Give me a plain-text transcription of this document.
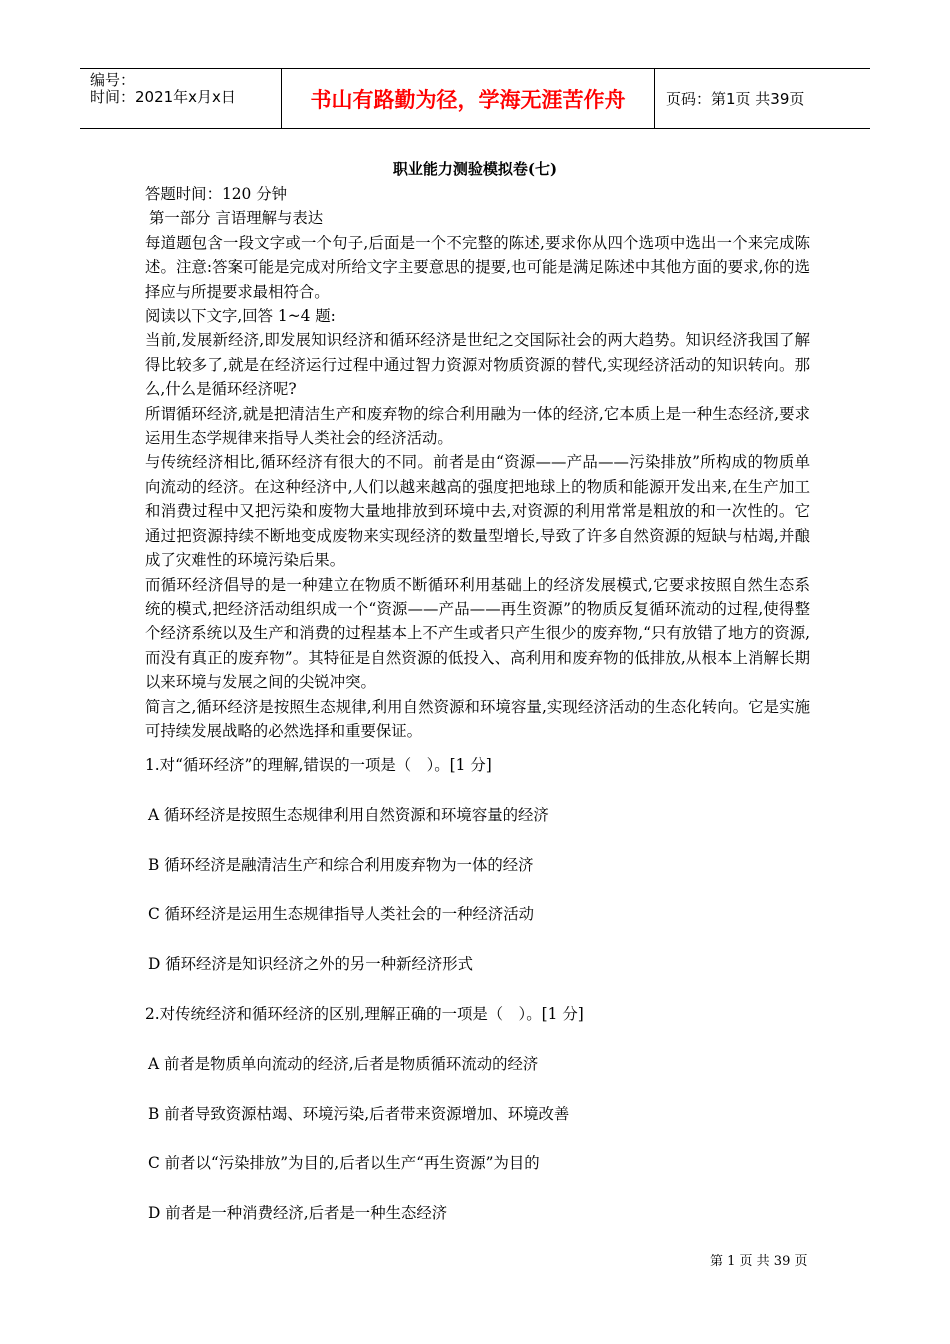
编号：
时间：2021年x月x日	书山有路勤为径，学海无涯苦作舟	页码：第1页 共39页
职业能力测验模拟卷(七)

答题时间：120 分钟

第一部分 言语理解与表达

每道题包含一段文字或一个句子,后面是一个不完整的陈述,要求你从四个选项中选出一个来完成陈述。注意:答案可能是完成对所给文字主要意思的提要,也可能是满足陈述中其他方面的要求,你的选择应与所提要求最相符合。

阅读以下文字,回答 1~4 题:

当前,发展新经济,即发展知识经济和循环经济是世纪之交国际社会的两大趋势。知识经济我国了解得比较多了,就是在经济运行过程中通过智力资源对物质资源的替代,实现经济活动的知识转向。那么,什么是循环经济呢?

所谓循环经济,就是把清洁生产和废弃物的综合利用融为一体的经济,它本质上是一种生态经济,要求运用生态学规律来指导人类社会的经济活动。

与传统经济相比,循环经济有很大的不同。前者是由“资源——产品——污染排放”所构成的物质单向流动的经济。在这种经济中,人们以越来越高的强度把地球上的物质和能源开发出来,在生产加工和消费过程中又把污染和废物大量地排放到环境中去,对资源的利用常常是粗放的和一次性的。它通过把资源持续不断地变成废物来实现经济的数量型增长,导致了许多自然资源的短缺与枯竭,并酿成了灾难性的环境污染后果。

而循环经济倡导的是一种建立在物质不断循环利用基础上的经济发展模式,它要求按照自然生态系统的模式,把经济活动组织成一个“资源——产品——再生资源”的物质反复循环流动的过程,使得整个经济系统以及生产和消费的过程基本上不产生或者只产生很少的废弃物,“只有放错了地方的资源,而没有真正的废弃物”。其特征是自然资源的低投入、高利用和废弃物的低排放,从根本上消解长期以来环境与发展之间的尖锐冲突。

简言之,循环经济是按照生态规律,利用自然资源和环境容量,实现经济活动的生态化转向。它是实施可持续发展战略的必然选择和重要保证。

1.对“循环经济”的理解,错误的一项是（　）。[1 分]
A 循环经济是按照生态规律利用自然资源和环境容量的经济
B 循环经济是融清洁生产和综合利用废弃物为一体的经济
C 循环经济是运用生态规律指导人类社会的一种经济活动
D 循环经济是知识经济之外的另一种新经济形式
2.对传统经济和循环经济的区别,理解正确的一项是（　）。[1 分]
A 前者是物质单向流动的经济,后者是物质循环流动的经济
B 前者导致资源枯竭、环境污染,后者带来资源增加、环境改善
C 前者以“污染排放”为目的,后者以生产“再生资源”为目的
D 前者是一种消费经济,后者是一种生态经济
第 1 页 共 39 页
